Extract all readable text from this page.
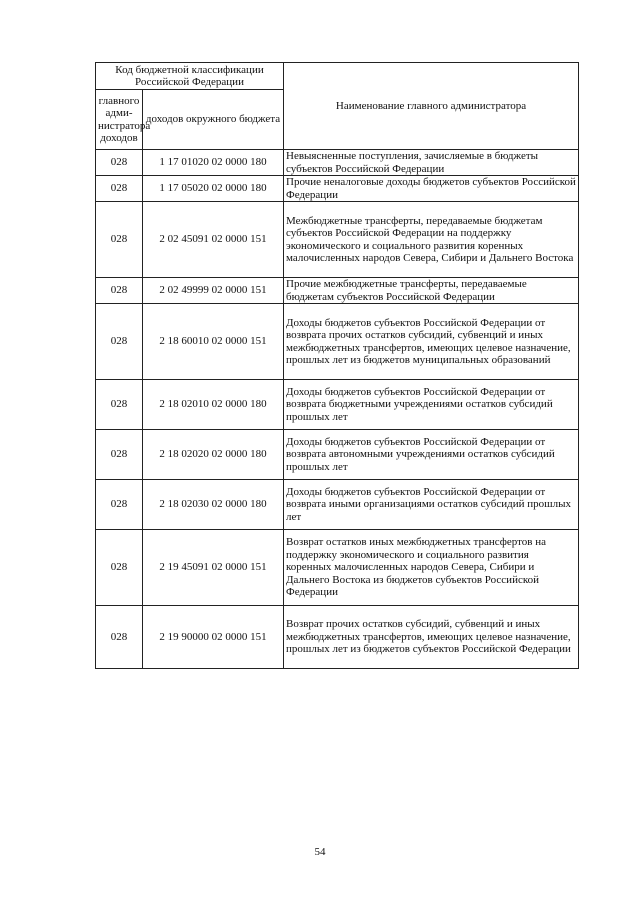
Код бюджетной классификации Российской Федерации		Наименование главного администратора
главного адми-нистратора доходов	доходов окружного бюджета	
028	1 17 01020 02 0000 180	Невыясненные поступления, зачисляемые в бюджеты субъектов Российской Федерации
028	1 17 05020 02 0000 180	Прочие неналоговые доходы бюджетов субъектов Российской Федерации
028	2 02 45091 02 0000 151	Межбюджетные трансферты, передаваемые бюджетам субъектов Российской Федерации на поддержку экономического и социального развития коренных малочисленных народов Севера, Сибири и Дальнего Востока
028	2 02 49999 02 0000 151	Прочие межбюджетные трансферты, передаваемые бюджетам субъектов Российской Федерации
028	2 18 60010 02 0000 151	Доходы бюджетов субъектов Российской Федерации от возврата прочих остатков субсидий, субвенций и иных межбюджетных трансфертов, имеющих целевое назначение, прошлых лет из бюджетов муниципальных образований
028	2 18 02010 02 0000 180	Доходы бюджетов субъектов Российской Федерации от возврата бюджетными учреждениями остатков субсидий прошлых лет
028	2 18 02020 02 0000 180	Доходы бюджетов субъектов Российской Федерации от возврата автономными учреждениями остатков субсидий прошлых лет
028	2 18 02030 02 0000 180	Доходы бюджетов субъектов Российской Федерации от возврата иными организациями остатков субсидий прошлых лет
028	2 19 45091 02 0000 151	Возврат остатков иных межбюджетных трансфертов на поддержку экономического и социального развития коренных малочисленных народов Севера, Сибири и Дальнего Востока из бюджетов субъектов Российской Федерации
028	2 19 90000 02 0000 151	Возврат прочих остатков субсидий, субвенций и иных межбюджетных трансфертов, имеющих целевое назначение, прошлых лет из бюджетов субъектов Российской Федерации
54
